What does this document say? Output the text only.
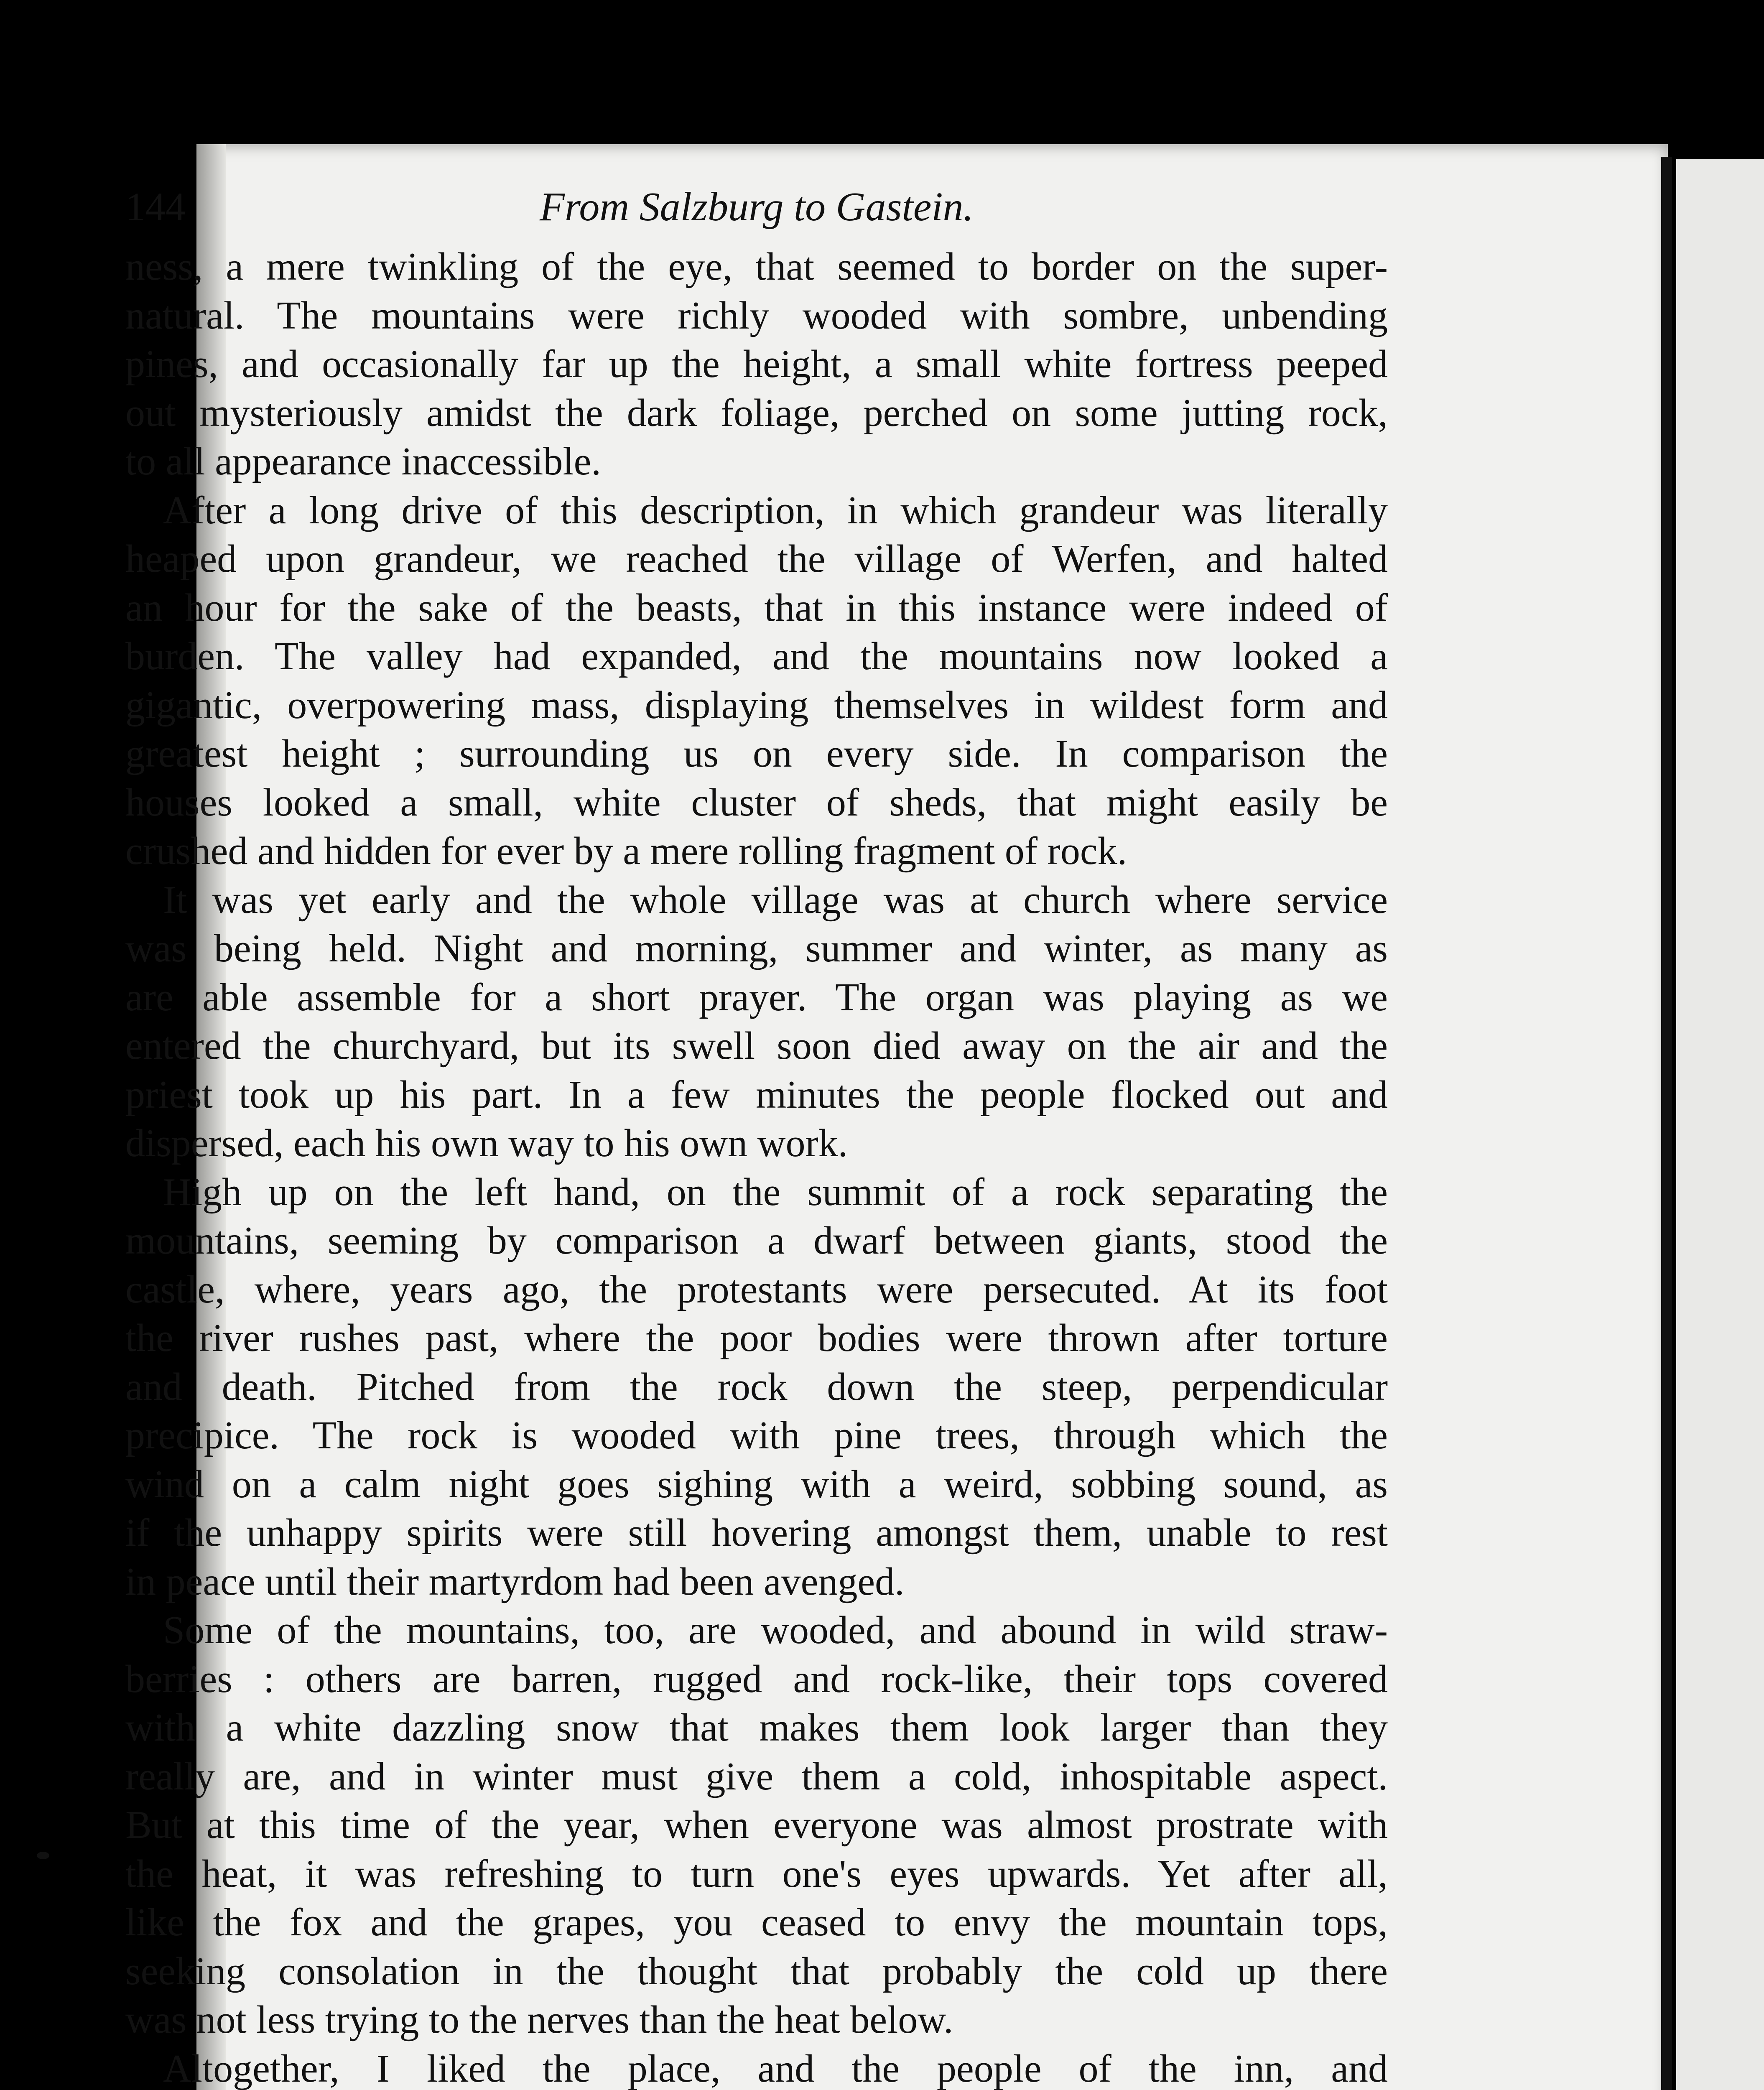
144	From Salzburg to Gastein.
ness, a mere twinkling of the eye, that seemed to border on the super-
natural. The mountains were richly wooded with sombre, unbending
pines, and occasionally far up the height, a small white fortress peeped
out mysteriously amidst the dark foliage, perched on some jutting rock,
to all appearance inaccessible.
After a long drive of this description, in which grandeur was literally
heaped upon grandeur, we reached the village of Werfen, and halted
an hour for the sake of the beasts, that in this instance were indeed of
burden. The valley had expanded, and the mountains now looked a
gigantic, overpowering mass, displaying themselves in wildest form and
greatest height ; surrounding us on every side. In comparison the
houses looked a small, white cluster of sheds, that might easily be
crushed and hidden for ever by a mere rolling fragment of rock.
It was yet early and the whole village was at church where service
was being held. Night and morning, summer and winter, as many as
are able assemble for a short prayer. The organ was playing as we
entered the churchyard, but its swell soon died away on the air and the
priest took up his part. In a few minutes the people flocked out and
dispersed, each his own way to his own work.
High up on the left hand, on the summit of a rock separating the
mountains, seeming by comparison a dwarf between giants, stood the
castle, where, years ago, the protestants were persecuted. At its foot
the river rushes past, where the poor bodies were thrown after torture
and death. Pitched from the rock down the steep, perpendicular
precipice. The rock is wooded with pine trees, through which the
wind on a calm night goes sighing with a weird, sobbing sound, as
if the unhappy spirits were still hovering amongst them, unable to rest
in peace until their martyrdom had been avenged.
Some of the mountains, too, are wooded, and abound in wild straw-
berries : others are barren, rugged and rock-like, their tops covered
with a white dazzling snow that makes them look larger than they
really are, and in winter must give them a cold, inhospitable aspect.
But at this time of the year, when everyone was almost prostrate with
the heat, it was refreshing to turn one's eyes upwards. Yet after all,
like the fox and the grapes, you ceased to envy the mountain tops,
seeking consolation in the thought that probably the cold up there
was not less trying to the nerves than the heat below.
Altogether, I liked the place, and the people of the inn, and
